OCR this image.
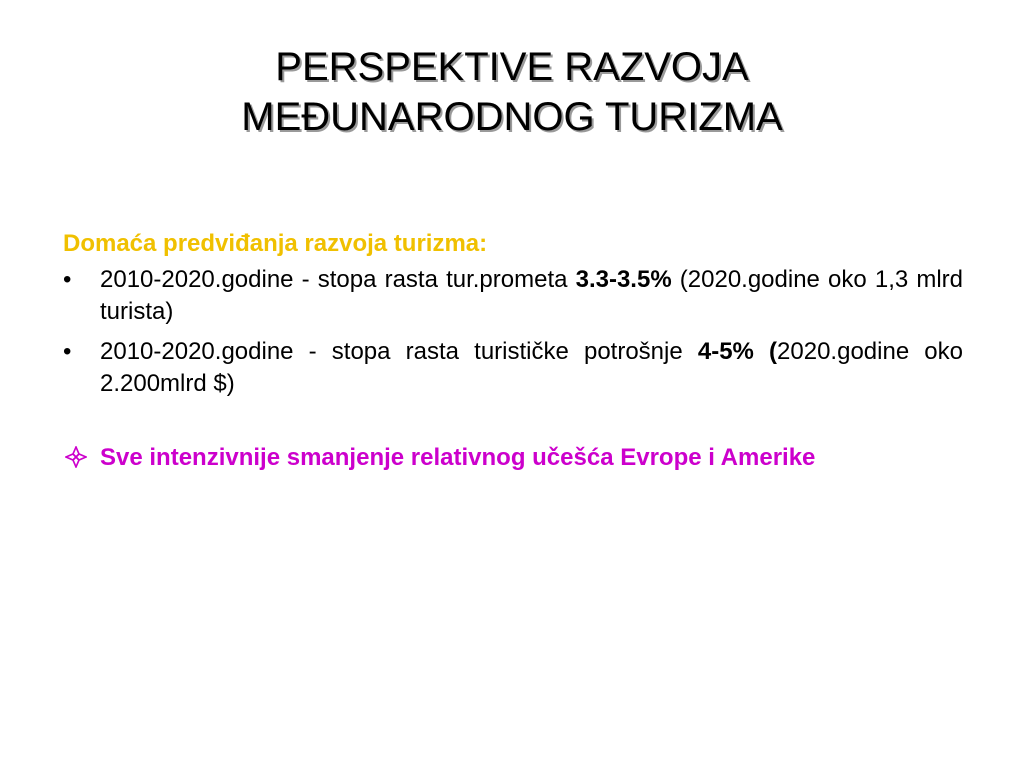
PERSPEKTIVE RAZVOJA
MEĐUNARODNOG TURIZMA

Domaća predviđanja razvoja turizma:

•	2010-2020.godine - stopa rasta tur.prometa 3.3-3.5% (2020.godine oko 1,3 mlrd turista)
•	2010-2020.godine - stopa rasta turističke potrošnje 4-5% (2020.godine oko 2.200mlrd $)
Sve intenzivnije smanjenje relativnog učešća Evrope i Amerike
